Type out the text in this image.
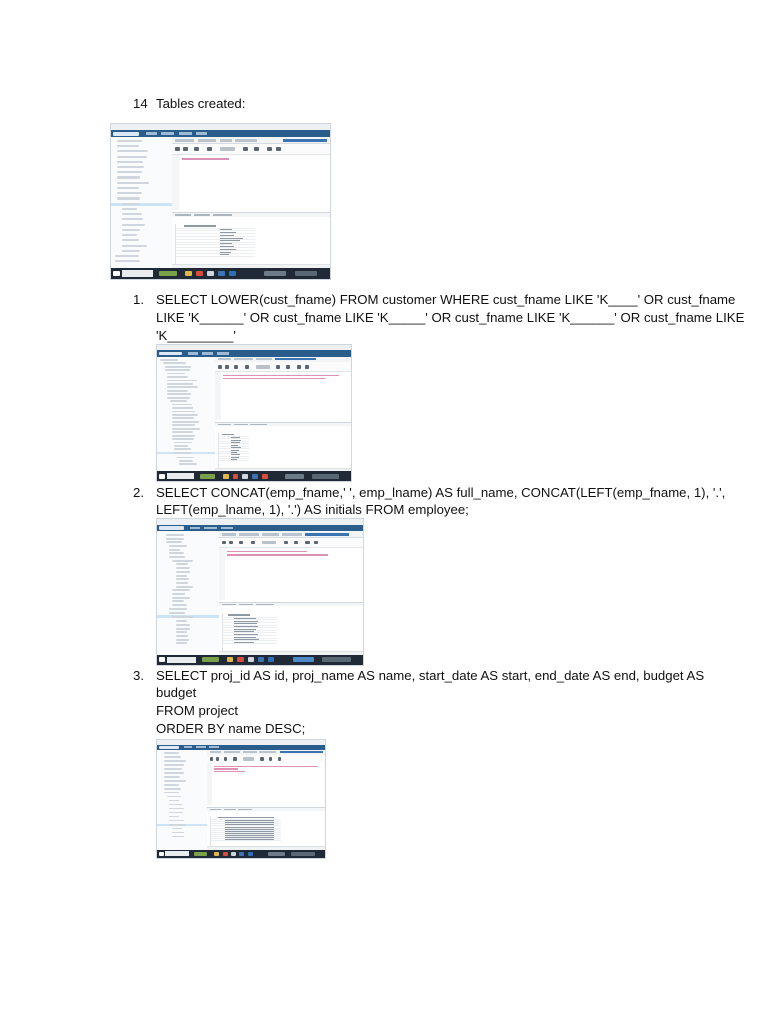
14 Tables created:
1. SELECT LOWER(cust_fname) FROM customer WHERE cust_fname LIKE 'K____' OR cust_fname
LIKE 'K______' OR cust_fname LIKE 'K_____' OR cust_fname LIKE 'K______' OR cust_fname LIKE
'K_________'
2. SELECT CONCAT(emp_fname,' ', emp_lname) AS full_name, CONCAT(LEFT(emp_fname, 1), '.',
LEFT(emp_lname, 1), '.') AS initials FROM employee;
3. SELECT proj_id AS id, proj_name AS name, start_date AS start, end_date AS end, budget AS
budget
FROM project
ORDER BY name DESC;
